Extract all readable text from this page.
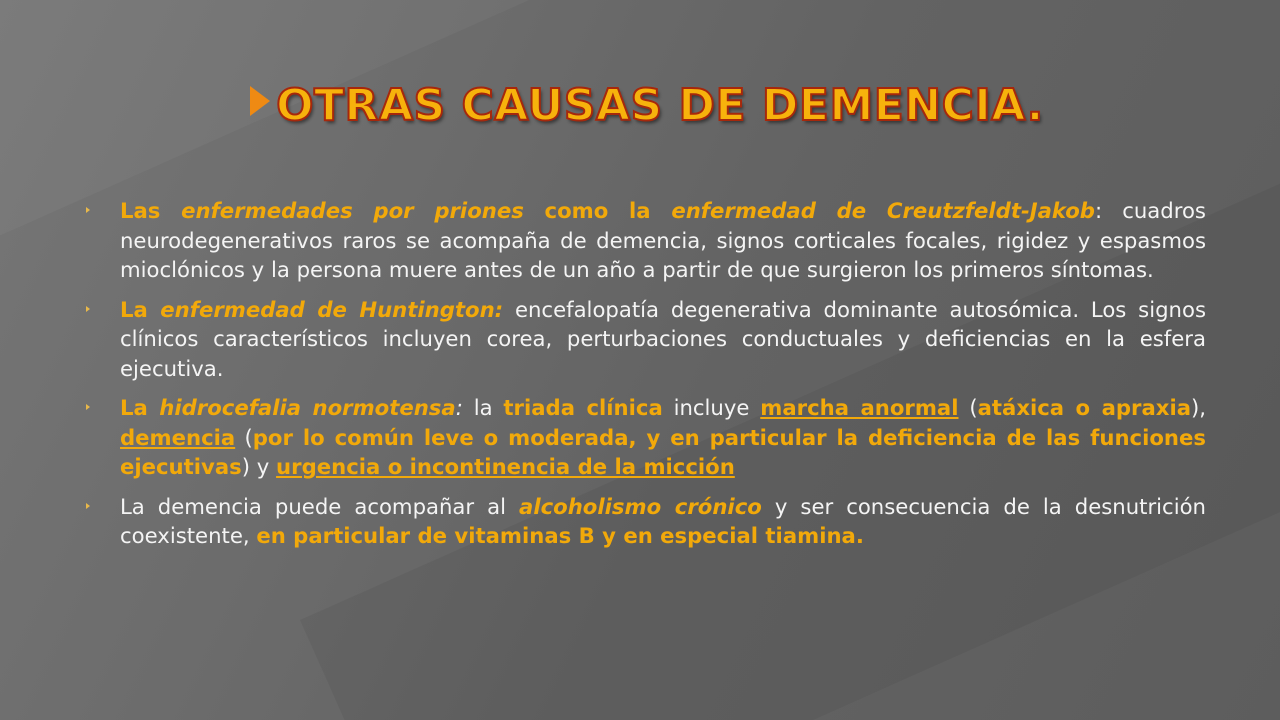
OTRAS CAUSAS DE DEMENCIA.
Las enfermedades por priones como la enfermedad de Creutzfeldt-Jakob: cuadros neurodegenerativos raros se acompaña de demencia, signos corticales focales, rigidez y espasmos mioclónicos y la persona muere antes de un año a partir de que surgieron los primeros síntomas.
La enfermedad de Huntington: encefalopatía degenerativa dominante autosómica. Los signos clínicos característicos incluyen corea, perturbaciones conductuales y deficiencias en la esfera ejecutiva.
La hidrocefalia normotensa: la triada clínica incluye marcha anormal (atáxica o apraxia), demencia (por lo común leve o moderada, y en particular la deficiencia de las funciones ejecutivas) y urgencia o incontinencia de la micción
La demencia puede acompañar al alcoholismo crónico y ser consecuencia de la desnutrición coexistente, en particular de vitaminas B y en especial tiamina.
